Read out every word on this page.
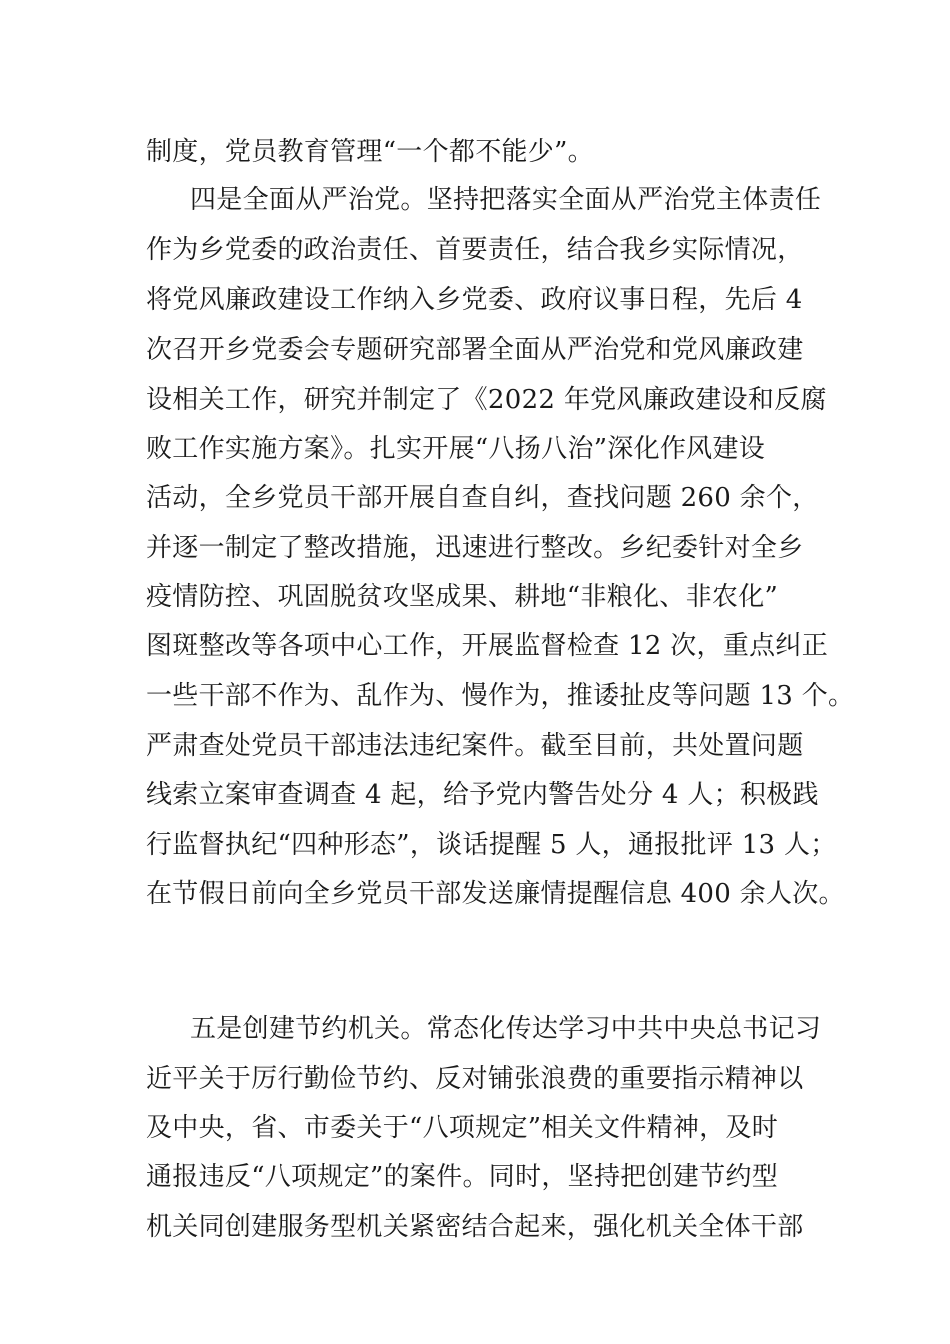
制度，党员教育管理“一个都不能少”。
四是全面从严治党。坚持把落实全面从严治党主体责任
作为乡党委的政治责任、首要责任，结合我乡实际情况，
将党风廉政建设工作纳入乡党委、政府议事日程，先后 4
次召开乡党委会专题研究部署全面从严治党和党风廉政建
设相关工作，研究并制定了《2022 年党风廉政建设和反腐
败工作实施方案》。扎实开展“八扬八治”深化作风建设
活动，全乡党员干部开展自查自纠，查找问题 260 余个，
并逐一制定了整改措施，迅速进行整改。乡纪委针对全乡
疫情防控、巩固脱贫攻坚成果、耕地“非粮化、非农化”
图斑整改等各项中心工作，开展监督检查 12 次，重点纠正
一些干部不作为、乱作为、慢作为，推诿扯皮等问题 13 个。
严肃查处党员干部违法违纪案件。截至目前，共处置问题
线索立案审查调查 4 起，给予党内警告处分 4 人；积极践
行监督执纪“四种形态”，谈话提醒 5 人，通报批评 13 人；
在节假日前向全乡党员干部发送廉情提醒信息 400 余人次。
五是创建节约机关。常态化传达学习中共中央总书记习
近平关于厉行勤俭节约、反对铺张浪费的重要指示精神以
及中央，省、市委关于“八项规定”相关文件精神，及时
通报违反“八项规定”的案件。同时，坚持把创建节约型
机关同创建服务型机关紧密结合起来，强化机关全体干部
